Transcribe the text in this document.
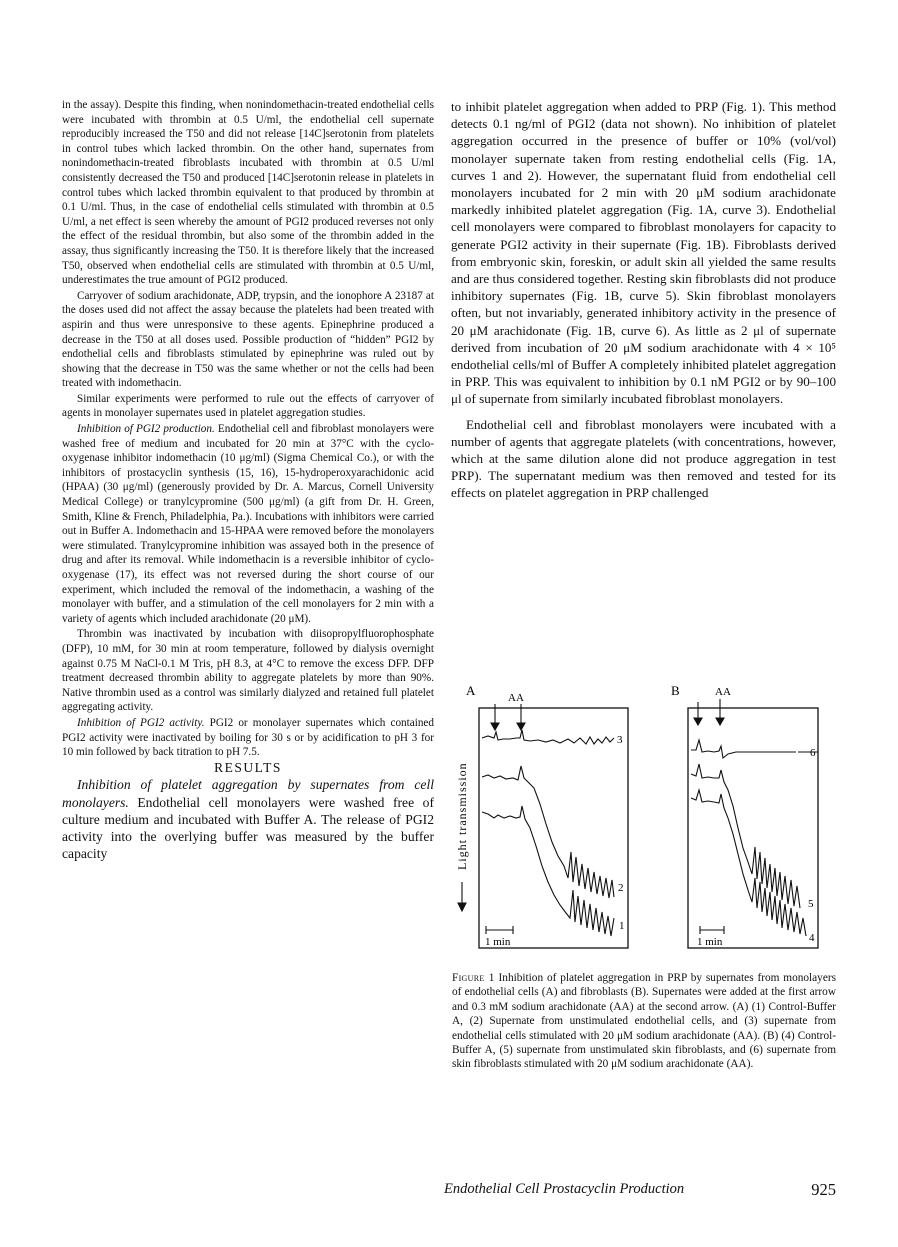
in the assay). Despite this finding, when nonindomethacin-treated endothelial cells were incubated with thrombin at 0.5 U/ml, the endothelial cell supernate reproducibly increased the T50 and did not release [14C]serotonin from platelets in control tubes which lacked thrombin. On the other hand, supernates from nonindomethacin-treated fibroblasts incubated with thrombin at 0.5 U/ml consistently decreased the T50 and produced [14C]serotonin release in platelets in control tubes which lacked thrombin equivalent to that produced by thrombin at 0.1 U/ml. Thus, in the case of endothelial cells stimulated with thrombin at 0.5 U/ml, a net effect is seen whereby the amount of PGI2 produced reverses not only the effect of the residual thrombin, but also some of the thrombin added in the assay, thus significantly increasing the T50. It is therefore likely that the increased T50, observed when endothelial cells are stimulated with thrombin at 0.5 U/ml, underestimates the true amount of PGI2 produced.

Carryover of sodium arachidonate, ADP, trypsin, and the ionophore A 23187 at the doses used did not affect the assay because the platelets had been treated with aspirin and thus were unresponsive to these agents. Epinephrine produced a decrease in the T50 at all doses used. Possible production of “hidden” PGI2 by endothelial cells and fibroblasts stimulated by epinephrine was ruled out by showing that the decrease in T50 was the same whether or not the cells had been treated with indomethacin.

Similar experiments were performed to rule out the effects of carryover of agents in monolayer supernates used in platelet aggregation studies.

Inhibition of PGI2 production. Endothelial cell and fibroblast monolayers were washed free of medium and incubated for 20 min at 37°C with the cyclo-oxygenase inhibitor indomethacin (10 μg/ml) (Sigma Chemical Co.), or with the inhibitors of prostacyclin synthesis (15, 16), 15-hydroperoxyarachidonic acid (HPAA) (30 μg/ml) (generously provided by Dr. A. Marcus, Cornell University Medical College) or tranylcypromine (500 μg/ml) (a gift from Dr. H. Green, Smith, Kline & French, Philadelphia, Pa.). Incubations with inhibitors were carried out in Buffer A. Indomethacin and 15-HPAA were removed before the monolayers were stimulated. Tranylcypromine inhibition was assayed both in the presence of drug and after its removal. While indomethacin is a reversible inhibitor of cyclo-oxygenase (17), its effect was not reversed during the short course of our experiment, which included the removal of the indomethacin, a washing of the monolayer with buffer, and a stimulation of the cell monolayers for 2 min with a variety of agents which included arachidonate (20 μM).

Thrombin was inactivated by incubation with diisopropylfluorophosphate (DFP), 10 mM, for 30 min at room temperature, followed by dialysis overnight against 0.75 M NaCl-0.1 M Tris, pH 8.3, at 4°C to remove the excess DFP. DFP treatment decreased thrombin ability to aggregate platelets by more than 90%. Native thrombin used as a control was similarly dialyzed and retained full platelet aggregating activity.

Inhibition of PGI2 activity. PGI2 or monolayer supernates which contained PGI2 activity were inactivated by boiling for 30 s or by acidification to pH 3 for 10 min followed by back titration to pH 7.5.

RESULTS

Inhibition of platelet aggregation by supernates from cell monolayers. Endothelial cell monolayers were washed free of culture medium and incubated with Buffer A. The release of PGI2 activity into the overlying buffer was measured by the buffer capacity

to inhibit platelet aggregation when added to PRP (Fig. 1). This method detects 0.1 ng/ml of PGI2 (data not shown). No inhibition of platelet aggregation occurred in the presence of buffer or 10% (vol/vol) monolayer supernate taken from resting endothelial cells (Fig. 1A, curves 1 and 2). However, the supernatant fluid from endothelial cell monolayers incubated for 2 min with 20 μM sodium arachidonate markedly inhibited platelet aggregation (Fig. 1A, curve 3). Endothelial cell monolayers were compared to fibroblast monolayers for capacity to generate PGI2 activity in their supernate (Fig. 1B). Fibroblasts derived from embryonic skin, foreskin, or adult skin all yielded the same results and are thus considered together. Resting skin fibroblasts did not produce inhibitory supernates (Fig. 1B, curve 5). Skin fibroblast monolayers often, but not invariably, generated inhibitory activity in the presence of 20 μM arachidonate (Fig. 1B, curve 6). As little as 2 μl of supernate derived from incubation of 20 μM sodium arachidonate with 4 × 10⁵ endothelial cells/ml of Buffer A completely inhibited platelet aggregation in PRP. This was equivalent to inhibition by 0.1 nM PGI2 or by 90–100 μl of supernate from similarly incubated fibroblast monolayers.

Endothelial cell and fibroblast monolayers were incubated with a number of agents that aggregate platelets (with concentrations, however, which at the same dilution alone did not produce aggregation in test PRP). The supernatant medium was then removed and tested for its effects on platelet aggregation in PRP challenged

A	AA
3
2
1
1 min
Light transmission
B	AA
6
5
4
1 min
Figure 1 Inhibition of platelet aggregation in PRP by supernates from monolayers of endothelial cells (A) and fibroblasts (B). Supernates were added at the first arrow and 0.3 mM sodium arachidonate (AA) at the second arrow. (A) (1) Control-Buffer A, (2) Supernate from unstimulated endothelial cells, and (3) supernate from endothelial cells stimulated with 20 μM sodium arachidonate (AA). (B) (4) Control-Buffer A, (5) supernate from unstimulated skin fibroblasts, and (6) supernate from skin fibroblasts stimulated with 20 μM sodium arachidonate (AA).
Endothelial Cell Prostacyclin Production	925
